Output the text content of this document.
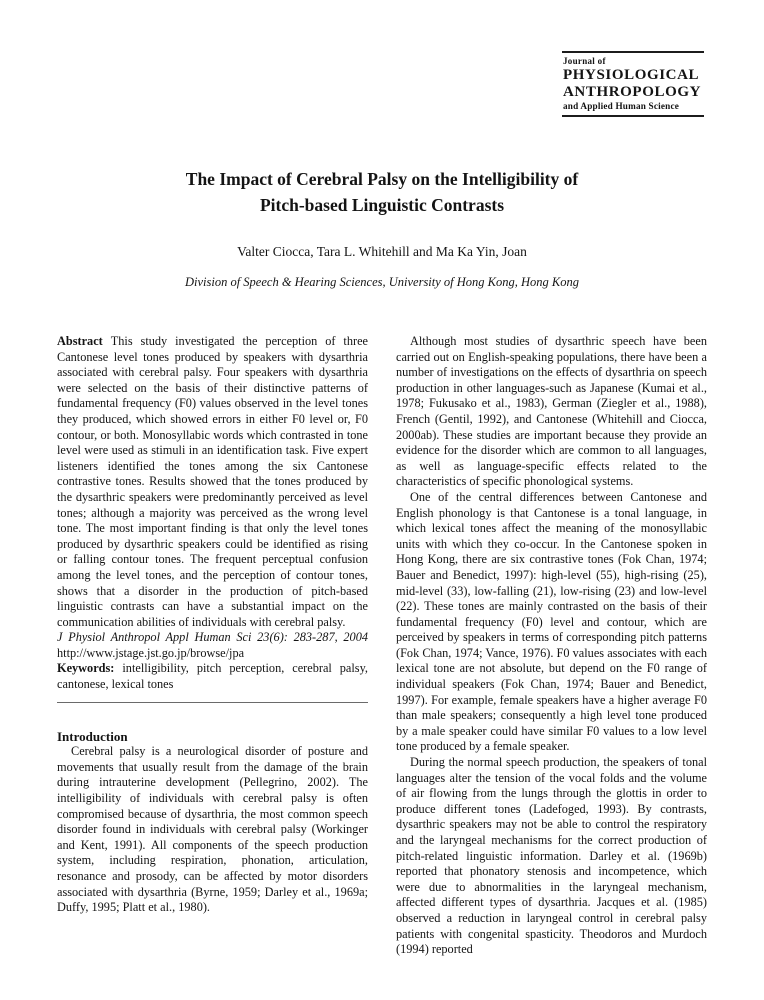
Journal of
PHYSIOLOGICAL
ANTHROPOLOGY
and Applied Human Science
The Impact of Cerebral Palsy on the Intelligibility of
Pitch-based Linguistic Contrasts
Valter Ciocca, Tara L. Whitehill and Ma Ka Yin, Joan
Division of Speech & Hearing Sciences, University of Hong Kong, Hong Kong

Abstract This study investigated the perception of three Cantonese level tones produced by speakers with dysarthria associated with cerebral palsy. Four speakers with dysarthria were selected on the basis of their distinctive patterns of fundamental frequency (F0) values observed in the level tones they produced, which showed errors in either F0 level or, F0 contour, or both. Monosyllabic words which contrasted in tone level were used as stimuli in an identification task. Five expert listeners identified the tones among the six Cantonese contrastive tones. Results showed that the tones produced by the dysarthric speakers were predominantly perceived as level tones; although a majority was perceived as the wrong level tone. The most important finding is that only the level tones produced by dysarthric speakers could be identified as rising or falling contour tones. The frequent perceptual confusion among the level tones, and the perception of contour tones, shows that a disorder in the production of pitch-based linguistic contrasts can have a substantial impact on the communication abilities of individuals with cerebral palsy.
J Physiol Anthropol Appl Human Sci 23(6): 283-287, 2004
http://www.jstage.jst.go.jp/browse/jpa

Keywords: intelligibility, pitch perception, cerebral palsy, cantonese, lexical tones

Introduction

Cerebral palsy is a neurological disorder of posture and movements that usually result from the damage of the brain during intrauterine development (Pellegrino, 2002). The intelligibility of individuals with cerebral palsy is often compromised because of dysarthria, the most common speech disorder found in individuals with cerebral palsy (Workinger and Kent, 1991). All components of the speech production system, including respiration, phonation, articulation, resonance and prosody, can be affected by motor disorders associated with dysarthria (Byrne, 1959; Darley et al., 1969a; Duffy, 1995; Platt et al., 1980).

Although most studies of dysarthric speech have been carried out on English-speaking populations, there have been a number of investigations on the effects of dysarthria on speech production in other languages-such as Japanese (Kumai et al., 1978; Fukusako et al., 1983), German (Ziegler et al., 1988), French (Gentil, 1992), and Cantonese (Whitehill and Ciocca, 2000ab). These studies are important because they provide an evidence for the disorder which are common to all languages, as well as language-specific effects related to the characteristics of specific phonological systems.

One of the central differences between Cantonese and English phonology is that Cantonese is a tonal language, in which lexical tones affect the meaning of the monosyllabic units with which they co-occur. In the Cantonese spoken in Hong Kong, there are six contrastive tones (Fok Chan, 1974; Bauer and Benedict, 1997): high-level (55), high-rising (25), mid-level (33), low-falling (21), low-rising (23) and low-level (22). These tones are mainly contrasted on the basis of their fundamental frequency (F0) level and contour, which are perceived by speakers in terms of corresponding pitch patterns (Fok Chan, 1974; Vance, 1976). F0 values associates with each lexical tone are not absolute, but depend on the F0 range of individual speakers (Fok Chan, 1974; Bauer and Benedict, 1997). For example, female speakers have a higher average F0 than male speakers; consequently a high level tone produced by a male speaker could have similar F0 values to a low level tone produced by a female speaker.

During the normal speech production, the speakers of tonal languages alter the tension of the vocal folds and the volume of air flowing from the lungs through the glottis in order to produce different tones (Ladefoged, 1993). By contrasts, dysarthric speakers may not be able to control the respiratory and the laryngeal mechanisms for the correct production of pitch-related linguistic information. Darley et al. (1969b) reported that phonatory stenosis and incompetence, which were due to abnormalities in the laryngeal mechanism, affected different types of dysarthria. Jacques et al. (1985) observed a reduction in laryngeal control in cerebral palsy patients with congenital spasticity. Theodoros and Murdoch (1994) reported
